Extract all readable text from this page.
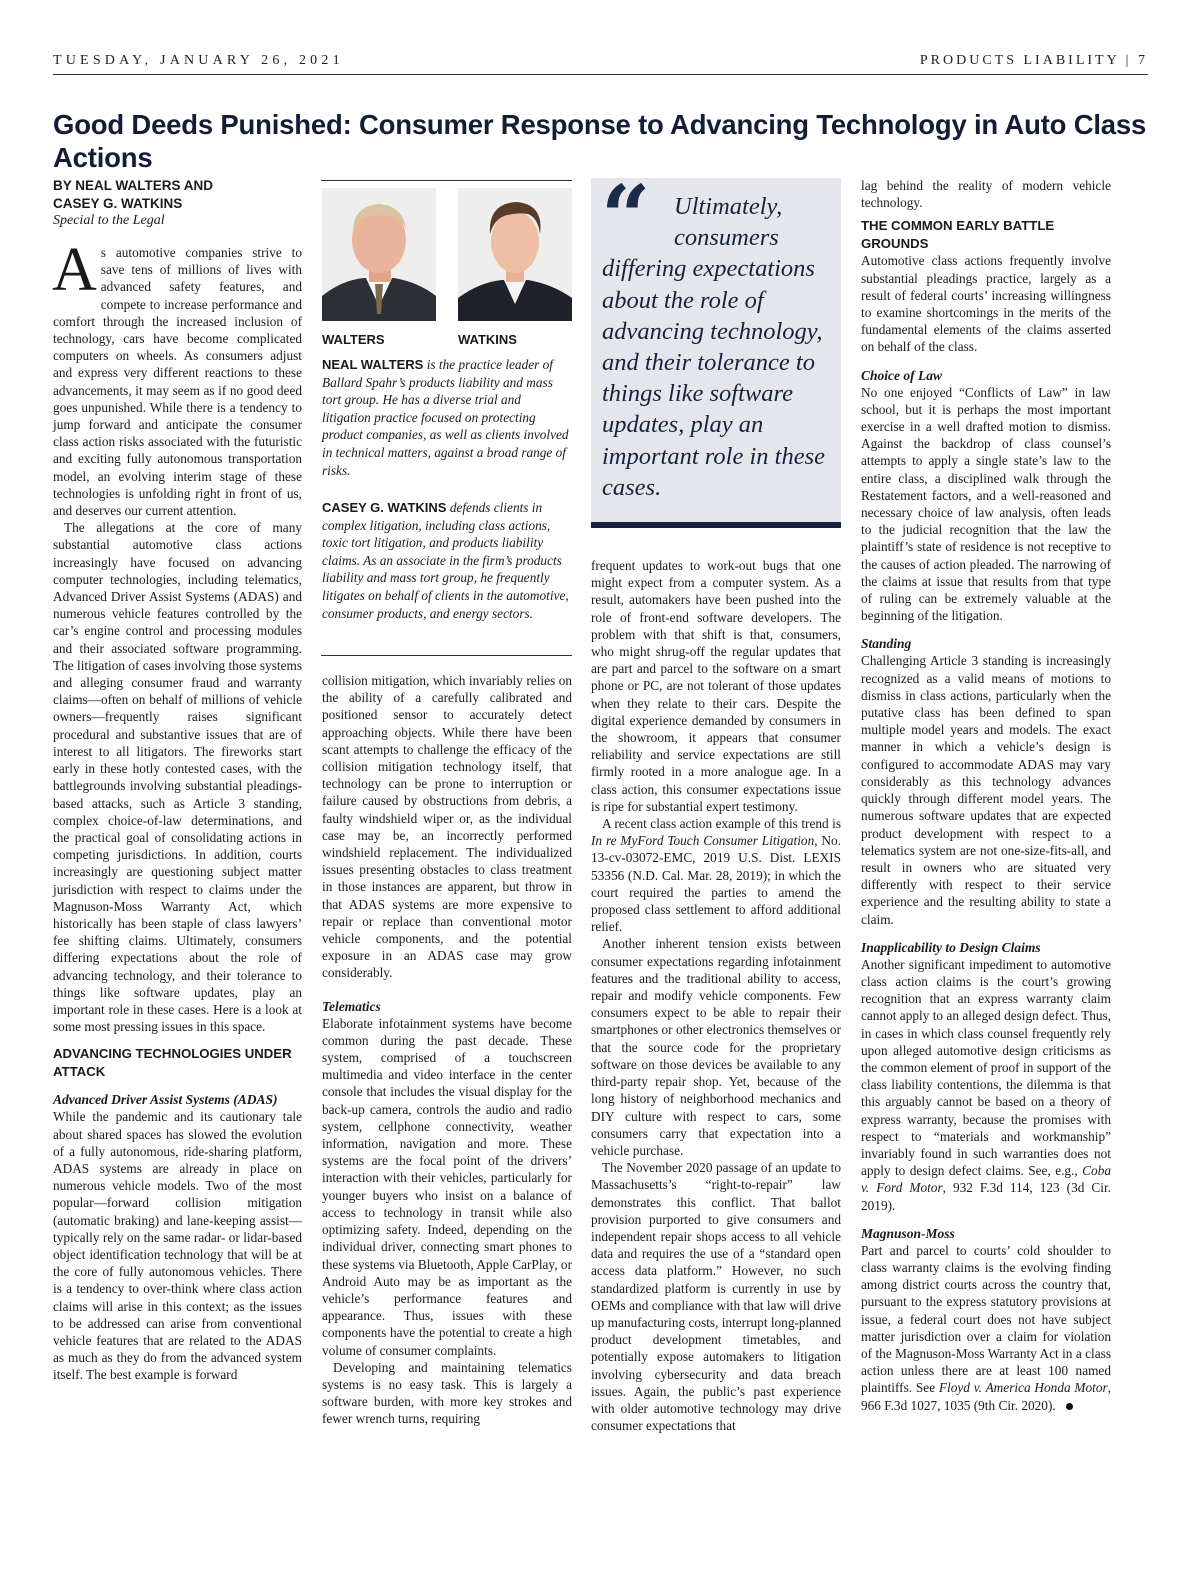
TUESDAY, JANUARY 26, 2021	PRODUCTS LIABILITY | 7
Good Deeds Punished: Consumer Response to Advancing Technology in Auto Class Actions
BY NEAL WALTERS AND
CASEY G. WATKINS
Special to the Legal

As automotive companies strive to save tens of millions of lives with advanced safety features, and compete to increase performance and comfort through the increased inclusion of technology, cars have become complicated computers on wheels. As consumers adjust and express very different reactions to these advancements, it may seem as if no good deed goes unpunished. While there is a tendency to jump forward and anticipate the consumer class action risks associated with the futuristic and exciting fully autonomous transportation model, an evolving interim stage of these technologies is unfolding right in front of us, and deserves our current attention.

The allegations at the core of many substantial automotive class actions increasingly have focused on advancing computer technologies, including telematics, Advanced Driver Assist Systems (ADAS) and numerous vehicle features controlled by the car’s engine control and processing modules and their associated software programming. The litigation of cases involving those systems and alleging consumer fraud and warranty claims—often on behalf of millions of vehicle owners—frequently raises significant procedural and substantive issues that are of interest to all litigators. The fireworks start early in these hotly contested cases, with the battlegrounds involving substantial pleadings-based attacks, such as Article 3 standing, complex choice-of-law determinations, and the practical goal of consolidating actions in competing jurisdictions. In addition, courts increasingly are questioning subject matter jurisdiction with respect to claims under the Magnuson-Moss Warranty Act, which historically has been staple of class lawyers’ fee shifting claims. Ultimately, consumers differing expectations about the role of advancing technology, and their tolerance to things like software updates, play an important role in these cases. Here is a look at some most pressing issues in this space.

ADVANCING TECHNOLOGIES UNDER ATTACK
Advanced Driver Assist Systems (ADAS)

While the pandemic and its cautionary tale about shared spaces has slowed the evolution of a fully autonomous, ride-sharing platform, ADAS systems are already in place on numerous vehicle models. Two of the most popular—forward collision mitigation (automatic braking) and lane-keeping assist—typically rely on the same radar- or lidar-based object identification technology that will be at the core of fully autonomous vehicles. There is a tendency to over-think where class action claims will arise in this context; as the issues to be addressed can arise from conventional vehicle features that are related to the ADAS as much as they do from the advanced system itself. The best example is forward

WALTERS	WATKINS
NEAL WALTERS is the practice leader of Ballard Spahr’s products liability and mass tort group. He has a diverse trial and litigation practice focused on protecting product companies, as well as clients involved in technical matters, against a broad range of risks.
CASEY G. WATKINS defends clients in complex litigation, including class actions, toxic tort litigation, and products liability claims. As an associate in the firm’s products liability and mass tort group, he frequently litigates on behalf of clients in the automotive, consumer products, and energy sectors.

collision mitigation, which invariably relies on the ability of a carefully calibrated and positioned sensor to accurately detect approaching objects. While there have been scant attempts to challenge the efficacy of the collision mitigation technology itself, that technology can be prone to interruption or failure caused by obstructions from debris, a faulty windshield wiper or, as the individual case may be, an incorrectly performed windshield replacement. The individualized issues presenting obstacles to class treatment in those instances are apparent, but throw in that ADAS systems are more expensive to repair or replace than conventional motor vehicle components, and the potential exposure in an ADAS case may grow considerably.

Telematics

Elaborate infotainment systems have become common during the past decade. These system, comprised of a touchscreen multimedia and video interface in the center console that includes the visual display for the back-up camera, controls the audio and radio system, cellphone connectivity, weather information, navigation and more. These systems are the focal point of the drivers’ interaction with their vehicles, particularly for younger buyers who insist on a balance of access to technology in transit while also optimizing safety. Indeed, depending on the individual driver, connecting smart phones to these systems via Bluetooth, Apple CarPlay, or Android Auto may be as important as the vehicle’s performance features and appearance. Thus, issues with these components have the potential to create a high volume of consumer complaints.

Developing and maintaining telematics systems is no easy task. This is largely a software burden, with more key strokes and fewer wrench turns, requiring

“ Ultimately, consumers
differing expectations about the role of advancing technology, and their tolerance to things like software updates, play an important role in these cases.

frequent updates to work-out bugs that one might expect from a computer system. As a result, automakers have been pushed into the role of front-end software developers. The problem with that shift is that, consumers, who might shrug-off the regular updates that are part and parcel to the software on a smart phone or PC, are not tolerant of those updates when they relate to their cars. Despite the digital experience demanded by consumers in the showroom, it appears that consumer reliability and service expectations are still firmly rooted in a more analogue age. In a class action, this consumer expectations issue is ripe for substantial expert testimony.

A recent class action example of this trend is In re MyFord Touch Consumer Litigation, No. 13-cv-03072-EMC, 2019 U.S. Dist. LEXIS 53356 (N.D. Cal. Mar. 28, 2019); in which the court required the parties to amend the proposed class settlement to afford additional relief.

Another inherent tension exists between consumer expectations regarding infotainment features and the traditional ability to access, repair and modify vehicle components. Few consumers expect to be able to repair their smartphones or other electronics themselves or that the source code for the proprietary software on those devices be available to any third-party repair shop. Yet, because of the long history of neighborhood mechanics and DIY culture with respect to cars, some consumers carry that expectation into a vehicle purchase.

The November 2020 passage of an update to Massachusetts’s “right-to-repair” law demonstrates this conflict. That ballot provision purported to give consumers and independent repair shops access to all vehicle data and requires the use of a “standard open access data platform.” However, no such standardized platform is currently in use by OEMs and compliance with that law will drive up manufacturing costs, interrupt long-planned product development timetables, and potentially expose automakers to litigation involving cybersecurity and data breach issues. Again, the public’s past experience with older automotive technology may drive consumer expectations that

lag behind the reality of modern vehicle technology.

THE COMMON EARLY BATTLE GROUNDS

Automotive class actions frequently involve substantial pleadings practice, largely as a result of federal courts’ increasing willingness to examine shortcomings in the merits of the fundamental elements of the claims asserted on behalf of the class.

Choice of Law

No one enjoyed “Conflicts of Law” in law school, but it is perhaps the most important exercise in a well drafted motion to dismiss. Against the backdrop of class counsel’s attempts to apply a single state’s law to the entire class, a disciplined walk through the Restatement factors, and a well-reasoned and necessary choice of law analysis, often leads to the judicial recognition that the law the plaintiff’s state of residence is not receptive to the causes of action pleaded. The narrowing of the claims at issue that results from that type of ruling can be extremely valuable at the beginning of the litigation.

Standing

Challenging Article 3 standing is increasingly recognized as a valid means of motions to dismiss in class actions, particularly when the putative class has been defined to span multiple model years and models. The exact manner in which a vehicle’s design is configured to accommodate ADAS may vary considerably as this technology advances quickly through different model years. The numerous software updates that are expected product development with respect to a telematics system are not one-size-fits-all, and result in owners who are situated very differently with respect to their service experience and the resulting ability to state a claim.

Inapplicability to Design Claims

Another significant impediment to automotive class action claims is the court’s growing recognition that an express warranty claim cannot apply to an alleged design defect. Thus, in cases in which class counsel frequently rely upon alleged automotive design criticisms as the common element of proof in support of the class liability contentions, the dilemma is that this arguably cannot be based on a theory of express warranty, because the promises with respect to “materials and workmanship” invariably found in such warranties does not apply to design defect claims. See, e.g., Coba v. Ford Motor, 932 F.3d 114, 123 (3d Cir. 2019).

Magnuson-Moss

Part and parcel to courts’ cold shoulder to class warranty claims is the evolving finding among district courts across the country that, pursuant to the express statutory provisions at issue, a federal court does not have subject matter jurisdiction over a claim for violation of the Magnuson-Moss Warranty Act in a class action unless there are at least 100 named plaintiffs. See Floyd v. America Honda Motor, 966 F.3d 1027, 1035 (9th Cir. 2020).
